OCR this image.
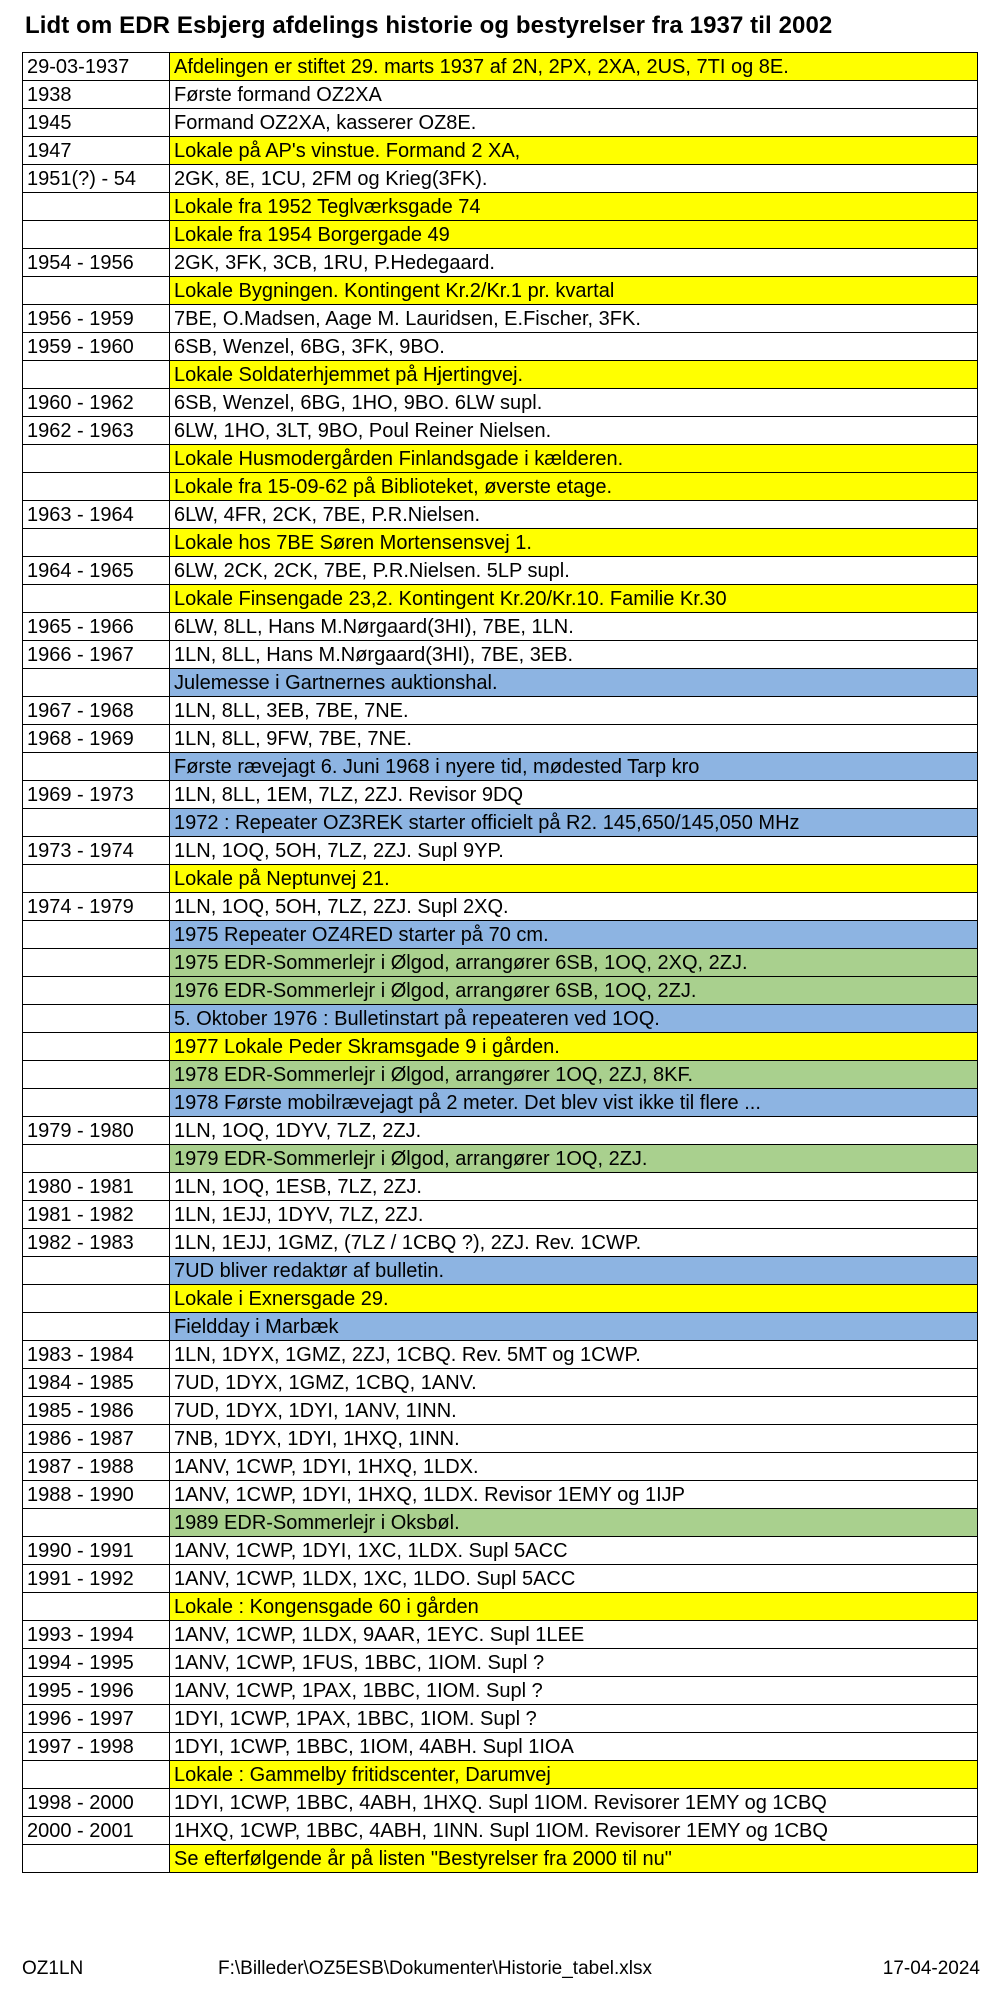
Lidt om EDR Esbjerg afdelings historie og bestyrelser fra 1937 til 2002
29-03-1937	Afdelingen er stiftet 29. marts 1937 af 2N, 2PX, 2XA, 2US, 7TI og 8E.
1938	Første formand OZ2XA
1945	Formand OZ2XA, kasserer OZ8E.
1947	Lokale på AP's vinstue. Formand 2 XA,
1951(?) - 54	2GK, 8E, 1CU, 2FM og Krieg(3FK).
	Lokale fra 1952 Teglværksgade 74
	Lokale fra 1954 Borgergade 49
1954 - 1956	2GK, 3FK, 3CB, 1RU, P.Hedegaard.
	Lokale Bygningen. Kontingent Kr.2/Kr.1 pr. kvartal
1956 - 1959	7BE, O.Madsen, Aage M. Lauridsen, E.Fischer, 3FK.
1959 - 1960	6SB, Wenzel, 6BG, 3FK, 9BO.
	Lokale Soldaterhjemmet på Hjertingvej.
1960 - 1962	6SB, Wenzel, 6BG, 1HO, 9BO. 6LW supl.
1962 - 1963	6LW, 1HO, 3LT, 9BO, Poul Reiner Nielsen.
	Lokale Husmodergården Finlandsgade i kælderen.
	Lokale fra 15-09-62 på Biblioteket, øverste etage.
1963 - 1964	6LW, 4FR, 2CK, 7BE, P.R.Nielsen.
	Lokale hos 7BE Søren Mortensensvej 1.
1964 - 1965	6LW, 2CK, 2CK, 7BE, P.R.Nielsen. 5LP supl.
	Lokale Finsengade 23,2. Kontingent Kr.20/Kr.10. Familie Kr.30
1965 - 1966	6LW, 8LL, Hans M.Nørgaard(3HI), 7BE, 1LN.
1966 - 1967	1LN, 8LL, Hans M.Nørgaard(3HI), 7BE, 3EB.
	Julemesse i Gartnernes auktionshal.
1967 - 1968	1LN, 8LL, 3EB, 7BE, 7NE.
1968 - 1969	1LN, 8LL, 9FW, 7BE, 7NE.
	Første rævejagt 6. Juni 1968 i nyere tid, mødested Tarp kro
1969 - 1973	1LN, 8LL, 1EM, 7LZ, 2ZJ. Revisor 9DQ
	1972 : Repeater OZ3REK starter officielt på R2. 145,650/145,050 MHz
1973 - 1974	1LN, 1OQ, 5OH, 7LZ, 2ZJ. Supl 9YP.
	Lokale på Neptunvej 21.
1974 - 1979	1LN, 1OQ, 5OH, 7LZ, 2ZJ. Supl 2XQ.
	1975 Repeater OZ4RED starter på 70 cm.
	1975 EDR-Sommerlejr i Ølgod, arrangører 6SB, 1OQ, 2XQ, 2ZJ.
	1976 EDR-Sommerlejr i Ølgod, arrangører 6SB, 1OQ, 2ZJ.
	5. Oktober 1976 : Bulletinstart på repeateren ved 1OQ.
	1977 Lokale Peder Skramsgade 9 i gården.
	1978 EDR-Sommerlejr i Ølgod, arrangører 1OQ, 2ZJ, 8KF.
	1978 Første mobilrævejagt på 2 meter. Det blev vist ikke til flere ...
1979 - 1980	1LN, 1OQ, 1DYV, 7LZ, 2ZJ.
	1979 EDR-Sommerlejr i Ølgod, arrangører 1OQ, 2ZJ.
1980 - 1981	1LN, 1OQ, 1ESB, 7LZ, 2ZJ.
1981 - 1982	1LN, 1EJJ, 1DYV, 7LZ, 2ZJ.
1982 - 1983	1LN, 1EJJ, 1GMZ, (7LZ / 1CBQ ?), 2ZJ. Rev. 1CWP.
	7UD bliver redaktør af bulletin.
	Lokale i Exnersgade 29.
	Fieldday i Marbæk
1983 - 1984	1LN, 1DYX, 1GMZ, 2ZJ, 1CBQ. Rev. 5MT og 1CWP.
1984 - 1985	7UD, 1DYX, 1GMZ, 1CBQ, 1ANV.
1985 - 1986	7UD, 1DYX, 1DYI, 1ANV, 1INN.
1986 - 1987	7NB, 1DYX, 1DYI, 1HXQ, 1INN.
1987 - 1988	1ANV, 1CWP, 1DYI, 1HXQ, 1LDX.
1988 - 1990	1ANV, 1CWP, 1DYI, 1HXQ, 1LDX. Revisor 1EMY og 1IJP
	1989 EDR-Sommerlejr i Oksbøl.
1990 - 1991	1ANV, 1CWP, 1DYI, 1XC, 1LDX. Supl 5ACC
1991 - 1992	1ANV, 1CWP, 1LDX, 1XC, 1LDO. Supl 5ACC
	Lokale : Kongensgade 60 i gården
1993 - 1994	1ANV, 1CWP, 1LDX, 9AAR, 1EYC. Supl 1LEE
1994 - 1995	1ANV, 1CWP, 1FUS, 1BBC, 1IOM. Supl ?
1995 - 1996	1ANV, 1CWP, 1PAX, 1BBC, 1IOM. Supl ?
1996 - 1997	1DYI, 1CWP, 1PAX, 1BBC, 1IOM. Supl ?
1997 - 1998	1DYI, 1CWP, 1BBC, 1IOM, 4ABH. Supl 1IOA
	Lokale : Gammelby fritidscenter, Darumvej
1998 - 2000	1DYI, 1CWP, 1BBC, 4ABH, 1HXQ. Supl 1IOM. Revisorer 1EMY og 1CBQ
2000 - 2001	1HXQ, 1CWP, 1BBC, 4ABH, 1INN. Supl 1IOM. Revisorer 1EMY og 1CBQ
	Se efterfølgende år på listen "Bestyrelser fra 2000 til nu"
OZ1LN	F:\Billeder\OZ5ESB\Dokumenter\Historie_tabel.xlsx	17-04-2024
